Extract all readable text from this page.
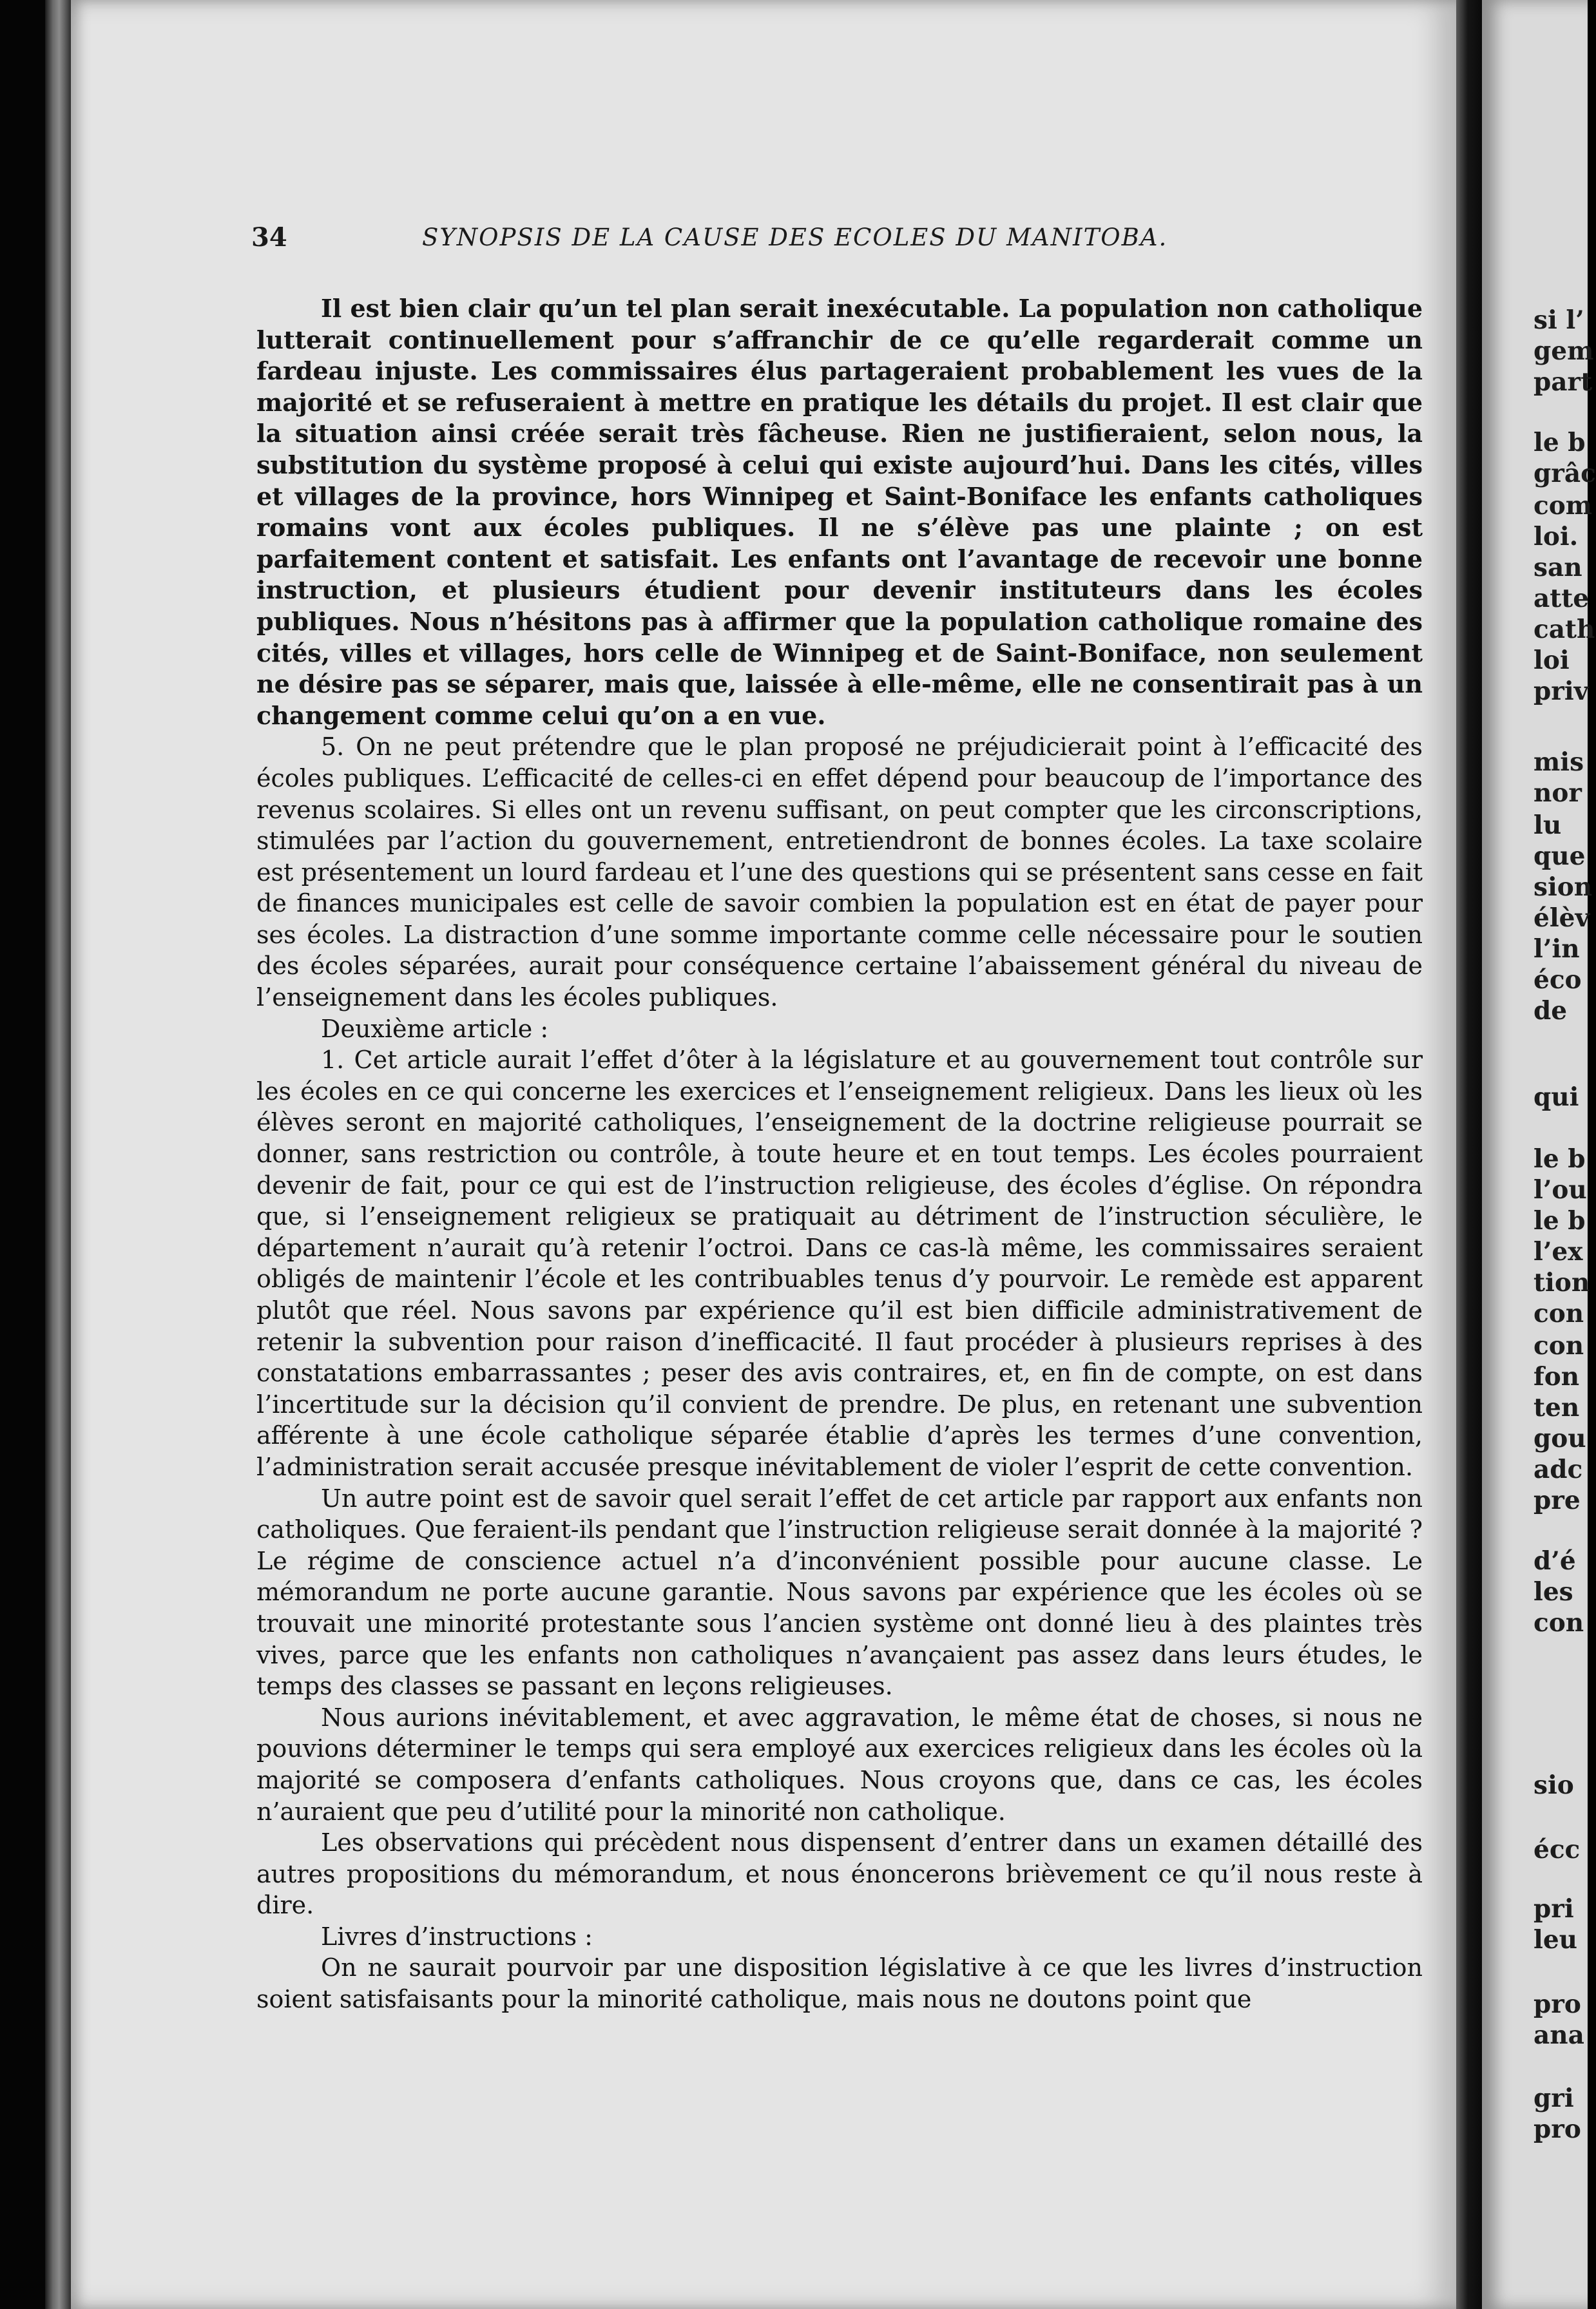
34	SYNOPSIS DE LA CAUSE DES ECOLES DU MANITOBA.

Il est bien clair qu’un tel plan serait inexécutable. La population non catholique lutterait continuellement pour s’affranchir de ce qu’elle regarderait comme un fardeau injuste. Les commissaires élus partageraient probablement les vues de la majorité et se refuseraient à mettre en pratique les détails du projet. Il est clair que la situation ainsi créée serait très fâcheuse. Rien ne justifieraient, selon nous, la substitution du système proposé à celui qui existe aujourd’hui. Dans les cités, villes et villages de la province, hors Winnipeg et Saint-Boniface les enfants catholiques romains vont aux écoles publiques. Il ne s’élève pas une plainte ; on est parfaitement content et satisfait. Les enfants ont l’avantage de recevoir une bonne instruction, et plusieurs étudient pour devenir instituteurs dans les écoles publiques. Nous n’hésitons pas à affirmer que la population catholique romaine des cités, villes et villages, hors celle de Winnipeg et de Saint-Boniface, non seulement ne désire pas se séparer, mais que, laissée à elle-même, elle ne consentirait pas à un changement comme celui qu’on a en vue.

5. On ne peut prétendre que le plan proposé ne préjudicierait point à l’efficacité des écoles publiques. L’efficacité de celles-ci en effet dépend pour beaucoup de l’importance des revenus scolaires. Si elles ont un revenu suffisant, on peut compter que les circonscriptions, stimulées par l’action du gouvernement, entretiendront de bonnes écoles. La taxe scolaire est présentement un lourd fardeau et l’une des questions qui se présentent sans cesse en fait de finances municipales est celle de savoir combien la population est en état de payer pour ses écoles. La distraction d’une somme importante comme celle nécessaire pour le soutien des écoles séparées, aurait pour conséquence certaine l’abaissement général du niveau de l’enseignement dans les écoles publiques.

Deuxième article :

1. Cet article aurait l’effet d’ôter à la législature et au gouvernement tout contrôle sur les écoles en ce qui concerne les exercices et l’enseignement religieux. Dans les lieux où les élèves seront en majorité catholiques, l’enseignement de la doctrine religieuse pourrait se donner, sans restriction ou contrôle, à toute heure et en tout temps. Les écoles pourraient devenir de fait, pour ce qui est de l’instruction religieuse, des écoles d’église. On répondra que, si l’enseignement religieux se pratiquait au détriment de l’instruction séculière, le département n’aurait qu’à retenir l’octroi. Dans ce cas-là même, les commissaires seraient obligés de maintenir l’école et les contribuables tenus d’y pourvoir. Le remède est apparent plutôt que réel. Nous savons par expérience qu’il est bien difficile administrativement de retenir la subvention pour raison d’inefficacité. Il faut procéder à plusieurs reprises à des constatations embarrassantes ; peser des avis contraires, et, en fin de compte, on est dans l’incertitude sur la décision qu’il convient de prendre. De plus, en retenant une subvention afférente à une école catholique séparée établie d’après les termes d’une convention, l’administration serait accusée presque inévitablement de violer l’esprit de cette convention.

Un autre point est de savoir quel serait l’effet de cet article par rapport aux enfants non catholiques. Que feraient-ils pendant que l’instruction religieuse serait donnée à la majorité ? Le régime de conscience actuel n’a d’inconvénient possible pour aucune classe. Le mémorandum ne porte aucune garantie. Nous savons par expérience que les écoles où se trouvait une minorité protestante sous l’ancien système ont donné lieu à des plaintes très vives, parce que les enfants non catholiques n’avançaient pas assez dans leurs études, le temps des classes se passant en leçons religieuses.

Nous aurions inévitablement, et avec aggravation, le même état de choses, si nous ne pouvions déterminer le temps qui sera employé aux exercices religieux dans les écoles où la majorité se composera d’enfants catholiques. Nous croyons que, dans ce cas, les écoles n’auraient que peu d’utilité pour la minorité non catholique.

Les observations qui précèdent nous dispensent d’entrer dans un examen détaillé des autres propositions du mémorandum, et nous énoncerons brièvement ce qu’il nous reste à dire.

Livres d’instructions :

On ne saurait pourvoir par une disposition législative à ce que les livres d’instruction soient satisfaisants pour la minorité catholique, mais nous ne doutons point que

si l’
gem
part
le b
grâc
com
loi.
san
atte
cath
loi
priv
mis
nor
lu
que
sion
élèv
l’in
éco
de
qui
le b
l’ou
le b
l’ex
tion
con
con
fon
ten
gou
adc
pre
d’é
les
con
sio
écc
pri
leu
pro
ana
gri
pro
